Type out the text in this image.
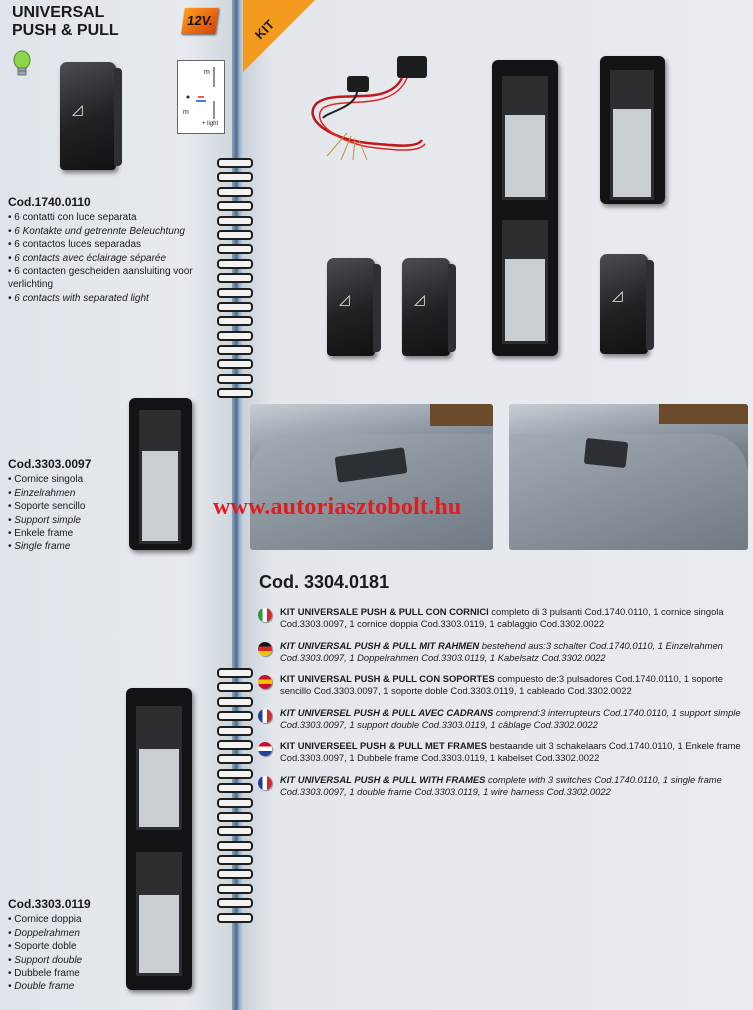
UNIVERSAL
PUSH & PULL
12V.
◿
m
m
+ light
Cod.1740.0110
• 6 contatti con luce separata
• 6 Kontakte und getrennte Beleuchtung
• 6 contactos luces separadas
• 6 contacts avec éclairage séparée
• 6 contacten gescheiden aansluiting voor verlichting
• 6 contacts with separated light
Cod.3303.0097
• Cornice singola
• Einzelrahmen
• Soporte sencillo
• Support simple
• Enkele frame
• Single frame
Cod.3303.0119
• Cornice doppia
• Doppelrahmen
• Soporte doble
• Support double
• Dubbele frame
• Double frame
KIT
◿	◿	◿
www.autoriasztobolt.hu
Cod. 3304.0181
KIT UNIVERSALE PUSH & PULL CON CORNICI completo di 3 pulsanti Cod.1740.0110, 1 cornice singola Cod.3303.0097, 1 cornice doppia Cod.3303.0119, 1 cablaggio Cod.3302.0022
KIT UNIVERSAL PUSH & PULL MIT RAHMEN bestehend aus:3 schalter Cod.1740.0110, 1 Einzelrahmen Cod.3303.0097, 1 Doppelrahmen Cod.3303.0119, 1 Kabelsatz Cod.3302.0022
KIT UNIVERSAL PUSH & PULL CON SOPORTES compuesto de:3 pulsadores Cod.1740.0110, 1 soporte sencillo Cod.3303.0097, 1 soporte doble Cod.3303.0119, 1 cableado Cod.3302.0022
KIT UNIVERSEL PUSH & PULL AVEC CADRANS comprend:3 interrupteurs Cod.1740.0110, 1 support simple Cod.3303.0097, 1 support double Cod.3303.0119, 1 câblage Cod.3302.0022
KIT UNIVERSEEL PUSH & PULL MET FRAMES bestaande uit 3 schakelaars Cod.1740.0110, 1 Enkele frame Cod.3303.0097, 1 Dubbele frame Cod.3303.0119, 1 kabelset Cod.3302.0022
KIT UNIVERSAL PUSH & PULL WITH FRAMES complete with 3 switches Cod.1740.0110, 1 single frame Cod.3303.0097, 1 double frame Cod.3303.0119, 1 wire harness Cod.3302.0022
